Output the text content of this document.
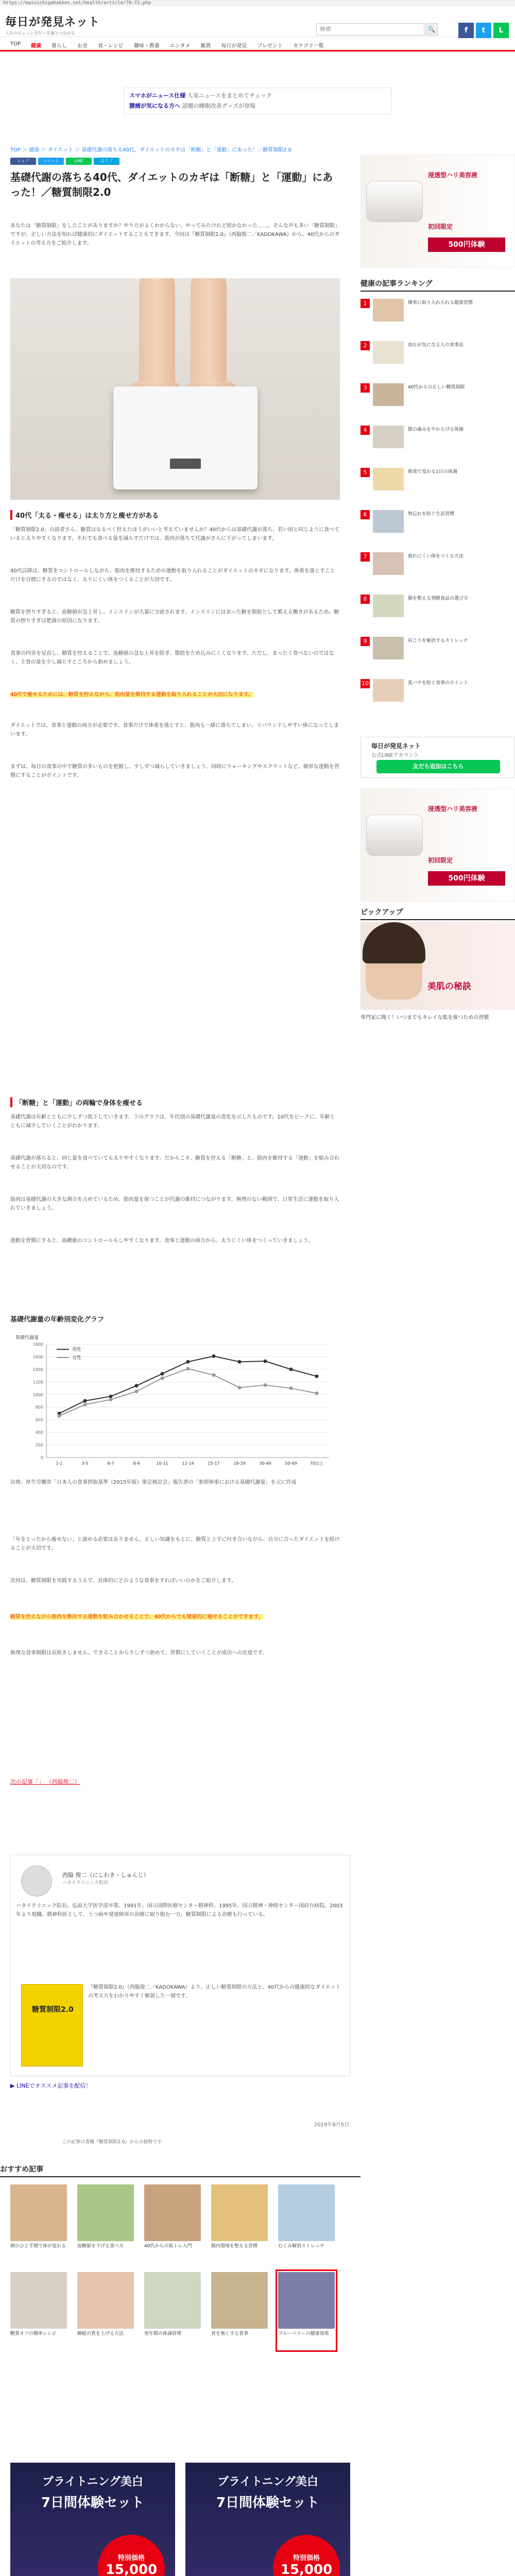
https://mainichigahakken.net/health/article/70-72.php
毎日が発見ネット
人生のちょっと先行く先輩とつながる
検索
🔍	f	t	L
TOP	健康	暮らし	お金	食・レシピ	趣味・教養	エンタメ	雑貨	毎日が発見	プレゼント	カテゴリ一覧
スマホがニュース仕様 人気ニュースをまとめてチェック
腰痛が気になる方へ 話題の睡眠改善グッズが登場
TOP ＞ 健康 ＞ ダイエット ＞ 基礎代謝の落ちる40代、ダイエットのカギは「断糖」と「運動」にあった！／糖質制限2.0
シェア	ツイート	LINE	はてブ
基礎代謝の落ちる40代、ダイエットのカギは「断糖」と「運動」にあった！／糖質制限2.0

あなたは「糖質制限」をしたことがありますか？やり方がよくわからない、やってみたけれど続かなかった……。そんな声も多い「糖質制限」ですが、正しい方法を知れば健康的にダイエットすることもできます。今回は『糖質制限2.0』（西脇俊二／KADOKAWA）から、40代からのダイエットの考え方をご紹介します。

40代「太る・痩せる」は太り方と痩せ方がある

「糖質制限2.0」の読者さん、糖質はなるべく控えたほうがいいと考えていませんか？40代からは基礎代謝が落ち、若い頃と同じように食べていると太りやすくなります。それでも食べる量を減らすだけでは、筋肉が落ちて代謝がさらに下がってしまいます。

40代以降は、糖質をコントロールしながら、筋肉を維持するための運動を取り入れることがダイエットのカギになります。体重を落とすことだけを目標にするのではなく、太りにくい体をつくることが大切です。

糖質を摂りすぎると、血糖値が急上昇し、インスリンが大量に分泌されます。インスリンには余った糖を脂肪として蓄える働きがあるため、糖質の摂りすぎは肥満の原因になります。

食事の内容を見直し、糖質を控えることで、血糖値の急な上昇を防ぎ、脂肪をため込みにくくなります。ただし、まったく食べないのではなく、主食の量を少し減らすところから始めましょう。

40代で痩せるためには、糖質を控えながら、筋肉量を維持する運動を取り入れることが大切になります。

ダイエットでは、食事と運動の両方が必要です。食事だけで体重を落とすと、筋肉も一緒に落ちてしまい、リバウンドしやすい体になってしまいます。

まずは、毎日の食事の中で糖質の多いものを把握し、少しずつ減らしていきましょう。同時にウォーキングやスクワットなど、簡単な運動を習慣にすることがポイントです。

「断糖」と「運動」の両輪で身体を痩せる

基礎代謝は年齢とともに少しずつ低下していきます。下のグラフは、年代別の基礎代謝量の変化を示したものです。10代をピークに、年齢とともに減少していくことがわかります。

基礎代謝が落ちると、同じ量を食べていても太りやすくなります。だからこそ、糖質を控える「断糖」と、筋肉を維持する「運動」を組み合わせることが大切なのです。

筋肉は基礎代謝の大きな割合を占めているため、筋肉量を保つことが代謝の維持につながります。無理のない範囲で、日常生活に運動を取り入れていきましょう。

運動を習慣にすると、血糖値のコントロールもしやすくなります。食事と運動の両方から、太りにくい体をつくっていきましょう。

基礎代謝量の年齢別変化グラフ
0
200
400
600
800
1000
1200
1400
1600
1800
基礎代謝量
1-2	3-5	6-7	8-9	10-11	12-14	15-17	18-29	30-49	50-69	70以上
男性
女性

出典：厚生労働省「日本人の食事摂取基準（2015年版）策定検討会」報告書の「参照体重における基礎代謝量」を元に作成

「年をとったから痩せない」と諦める必要はありません。正しい知識をもとに、糖質と上手に付き合いながら、自分に合ったダイエットを続けることが大切です。

次回は、糖質制限を実践するうえで、具体的にどのような食事をすればいいのかをご紹介します。

糖質を控えながら筋肉を維持する運動を組み合わせることで、40代からでも健康的に痩せることができます。

無理な食事制限は長続きしません。できることから少しずつ始めて、習慣にしていくことが成功への近道です。

次の記事「」 （西脇俊二）
西脇 俊二（にしわき・しゅんじ）
ハタイクリニック院長

ハタイクリニック院長。弘前大学医学部卒業。1991年、国立国際医療センター精神科。1995年、国立精神・神経センター国府台病院。2003年より現職。精神科医として、うつ病や発達障害の治療に取り組む一方、糖質制限による治療も行っている。

糖質制限2.0

『糖質制限2.0』（西脇俊二／KADOKAWA）より。正しい糖質制限の方法と、40代からの健康的なダイエットの考え方をわかりやすく解説した一冊です。

▶ LINEでオススメ記事を配信！
2019年8月5日
この記事は書籍『糖質制限2.0』からの抜粋です
おすすめ記事
朝のひと手間で体が変わる 血糖値を下げる食べ方	40代からの筋トレ入門	腸内環境を整える習慣	むくみ解消ストレッチ
糖質オフの簡単レシピ	睡眠の質を上げる方法	更年期の体調管理	骨を強くする食事	ブルーベリーの健康効果
ブライトニング美白
7日間体験セット
特別価格
15,000
ブライトニング美白
7日間体験セット
特別価格
15,000
浸透型ハリ美容液
初回限定
500円体験
健康の記事ランキング
1	簡単に取り入れられる健康習慣
2	血圧が気になる人の食事法
3	40代からの正しい糖質制限
4	膝の痛みをやわらげる体操
5	朝食で変わる1日の体調
6	物忘れを防ぐ生活習慣
7	疲れにくい体をつくる方法
8	腸を整える発酵食品の選び方
9	肩こりを解消するストレッチ
10	夏バテを防ぐ食事のポイント
毎日が発見ネット
公式LINEアカウント
友だち追加はこちら
浸透型ハリ美容液
初回限定
500円体験
ピックアップ
美肌の秘訣
専門家に聞く！いつまでもキレイな肌を保つための習慣
